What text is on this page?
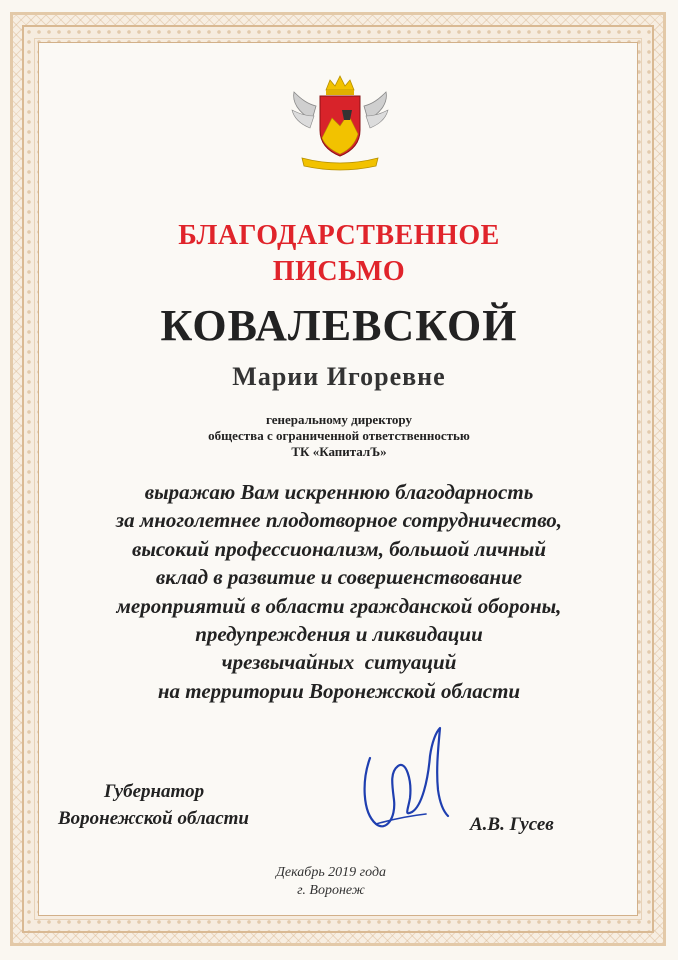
БЛАГОДАРСТВЕННОЕ
ПИСЬМО
КОВАЛЕВСКОЙ
Марии Игоревне
генеральному директору
общества с ограниченной ответственностью
ТК «КапиталЪ»
выражаю Вам искреннюю благодарность
за многолетнее плодотворное сотрудничество,
высокий профессионализм, большой личный
вклад в развитие и совершенствование
мероприятий в области гражданской обороны,
предупреждения и ликвидации
чрезвычайных  ситуаций
на территории Воронежской области
Губернатор
Воронежской области	А.В. Гусев
Декабрь 2019 года
г. Воронеж
